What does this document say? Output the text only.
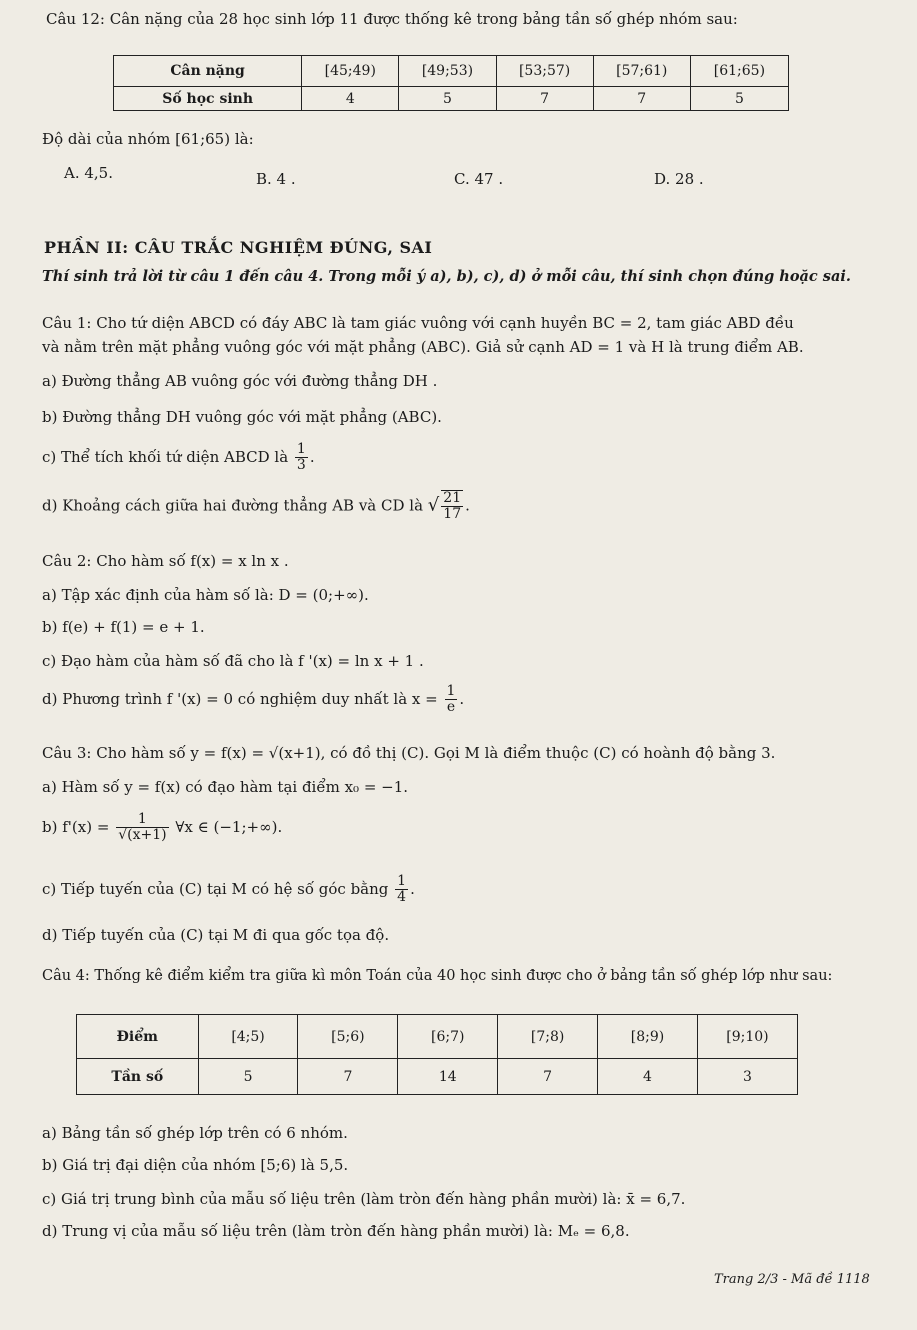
Câu 12: Cân nặng của 28 học sinh lớp 11 được thống kê trong bảng tần số ghép nhóm sau:
Cân nặng	[45;49)	[49;53)	[53;57)	[57;61)	[61;65)
Số học sinh	4	5	7	7	5
Độ dài của nhóm [61;65) là:
A. 4,5.	B. 4 .	C. 47 .	D. 28 .
PHẦN II: CÂU TRẮC NGHIỆM ĐÚNG, SAI
Thí sinh trả lời từ câu 1 đến câu 4. Trong mỗi ý a), b), c), d) ở mỗi câu, thí sinh chọn đúng hoặc sai.
Câu 1: Cho tứ diện ABCD có đáy ABC là tam giác vuông với cạnh huyền BC = 2, tam giác ABD đều
và nằm trên mặt phẳng vuông góc với mặt phẳng (ABC). Giả sử cạnh AD = 1 và H là trung điểm AB.
a) Đường thẳng AB vuông góc với đường thẳng DH .
b) Đường thẳng DH vuông góc với mặt phẳng (ABC).
c) Thể tích khối tứ diện ABCD là $\frac{1}{3}$ .
d) Khoảng cách giữa hai đường thẳng AB và CD là √ $\frac{21}{17}$ .
Câu 2: Cho hàm số f(x) = x ln x .
a) Tập xác định của hàm số là: D = (0;+∞).
b) f(e) + f(1) = e + 1.
c) Đạo hàm của hàm số đã cho là f '(x) = ln x + 1 .
d) Phương trình f '(x) = 0 có nghiệm duy nhất là $x = \frac{1}{e}$ .
Câu 3: Cho hàm số y = f(x) = √(x+1), có đồ thị (C). Gọi M là điểm thuộc (C) có hoành độ bằng 3.
a) Hàm số y = f(x) có đạo hàm tại điểm x₀ = −1.
b) $f'(x) = \frac{1}{√(x+1)}$ ∀x ∈ (−1;+∞).
c) Tiếp tuyến của (C) tại M có hệ số góc bằng $\frac{1}{4}$ .
d) Tiếp tuyến của (C) tại M đi qua gốc tọa độ.
Câu 4: Thống kê điểm kiểm tra giữa kì môn Toán của 40 học sinh được cho ở bảng tần số ghép lớp như sau:
Điểm	[4;5)	[5;6)	[6;7)	[7;8)	[8;9)	[9;10)
Tần số	5	7	14	7	4	3
a) Bảng tần số ghép lớp trên có 6 nhóm.
b) Giá trị đại diện của nhóm [5;6) là 5,5.
c) Giá trị trung bình của mẫu số liệu trên (làm tròn đến hàng phần mười) là: x̄ = 6,7.
d) Trung vị của mẫu số liệu trên (làm tròn đến hàng phần mười) là: Mₑ = 6,8.
Trang 2/3 - Mã đề 1118
